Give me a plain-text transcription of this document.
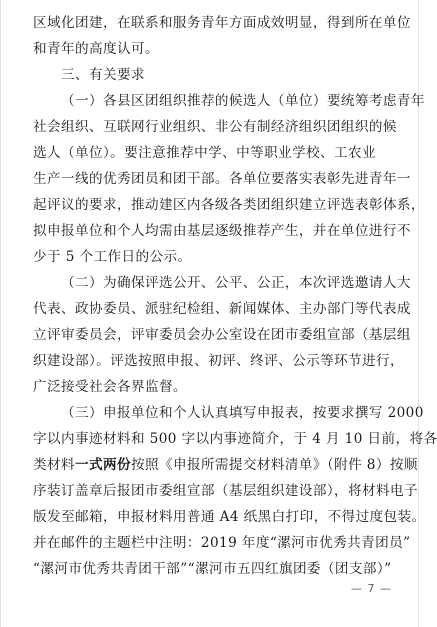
区域化团建，在联系和服务青年方面成效明显，得到所在单位
和青年的高度认可。
三、有关要求
（一）各县区团组织推荐的候选人（单位）要统筹考虑青年
社会组织、互联网行业组织、非公有制经济组织团组织的候
选人（单位）。要注意推荐中学、中等职业学校、工农业
生产一线的优秀团员和团干部。各单位要落实表彰先进青年一
起评议的要求，推动建区内各级各类团组织建立评选表彰体系，
拟申报单位和个人均需由基层逐级推荐产生，并在单位进行不
少于 5 个工作日的公示。
（二）为确保评选公开、公平、公正，本次评选邀请人大
代表、政协委员、派驻纪检组、新闻媒体、主办部门等代表成
立评审委员会，评审委员会办公室设在团市委组宣部（基层组
织建设部）。评选按照申报、初评、终评、公示等环节进行，
广泛接受社会各界监督。
（三）申报单位和个人认真填写申报表，按要求撰写 2000
字以内事迹材料和 500 字以内事迹简介，于 4 月 10 日前，将各
类材料一式两份按照《申报所需提交材料清单》（附件 8）按顺
序装订盖章后报团市委组宣部（基层组织建设部），将材料电子
版发至邮箱，申报材料用普通 A4 纸黑白打印，不得过度包装。
并在邮件的主题栏中注明：2019 年度“漯河市优秀共青团员”
“漯河市优秀共青团干部”“漯河市五四红旗团委（团支部）”
— 7 —
